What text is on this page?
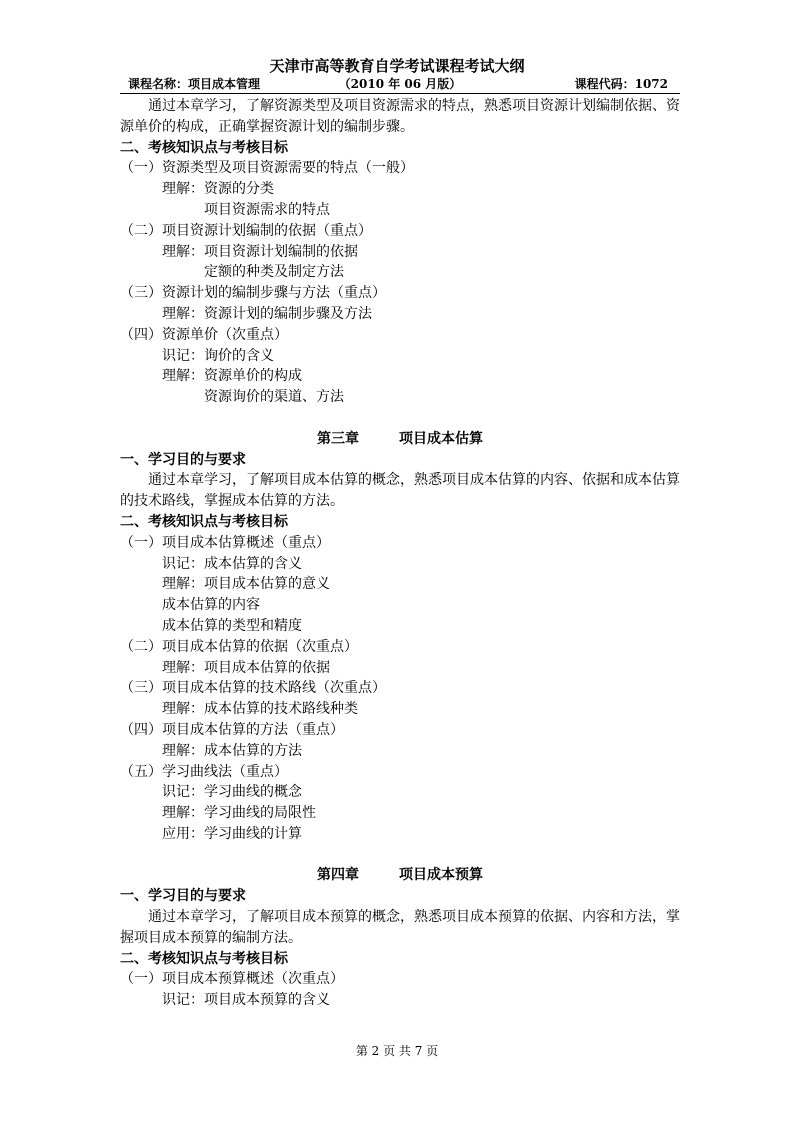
天津市高等教育自学考试课程考试大纲
（2010 年 06 月版）
课程名称：项目成本管理	课程代码：1072

通过本章学习，了解资源类型及项目资源需求的特点，熟悉项目资源计划编制依据、资源单价的构成，正确掌握资源计划的编制步骤。

二、考核知识点与考核目标
（一）资源类型及项目资源需要的特点（一般）
理解：资源的分类
项目资源需求的特点
（二）项目资源计划编制的依据（重点）
理解：项目资源计划编制的依据
定额的种类及制定方法
（三）资源计划的编制步骤与方法（重点）
理解：资源计划的编制步骤及方法
（四）资源单价（次重点）
识记：询价的含义
理解：资源单价的构成
资源询价的渠道、方法
第三章	项目成本估算
一、学习目的与要求

通过本章学习，了解项目成本估算的概念，熟悉项目成本估算的内容、依据和成本估算的技术路线，掌握成本估算的方法。

二、考核知识点与考核目标
（一）项目成本估算概述（重点）
识记：成本估算的含义
理解：项目成本估算的意义
成本估算的内容
成本估算的类型和精度
（二）项目成本估算的依据（次重点）
理解：项目成本估算的依据
（三）项目成本估算的技术路线（次重点）
理解：成本估算的技术路线种类
（四）项目成本估算的方法（重点）
理解：成本估算的方法
（五）学习曲线法（重点）
识记：学习曲线的概念
理解：学习曲线的局限性
应用：学习曲线的计算
第四章	项目成本预算
一、学习目的与要求

通过本章学习，了解项目成本预算的概念，熟悉项目成本预算的依据、内容和方法，掌握项目成本预算的编制方法。

二、考核知识点与考核目标
（一）项目成本预算概述（次重点）
识记：项目成本预算的含义
第 2 页 共 7 页
